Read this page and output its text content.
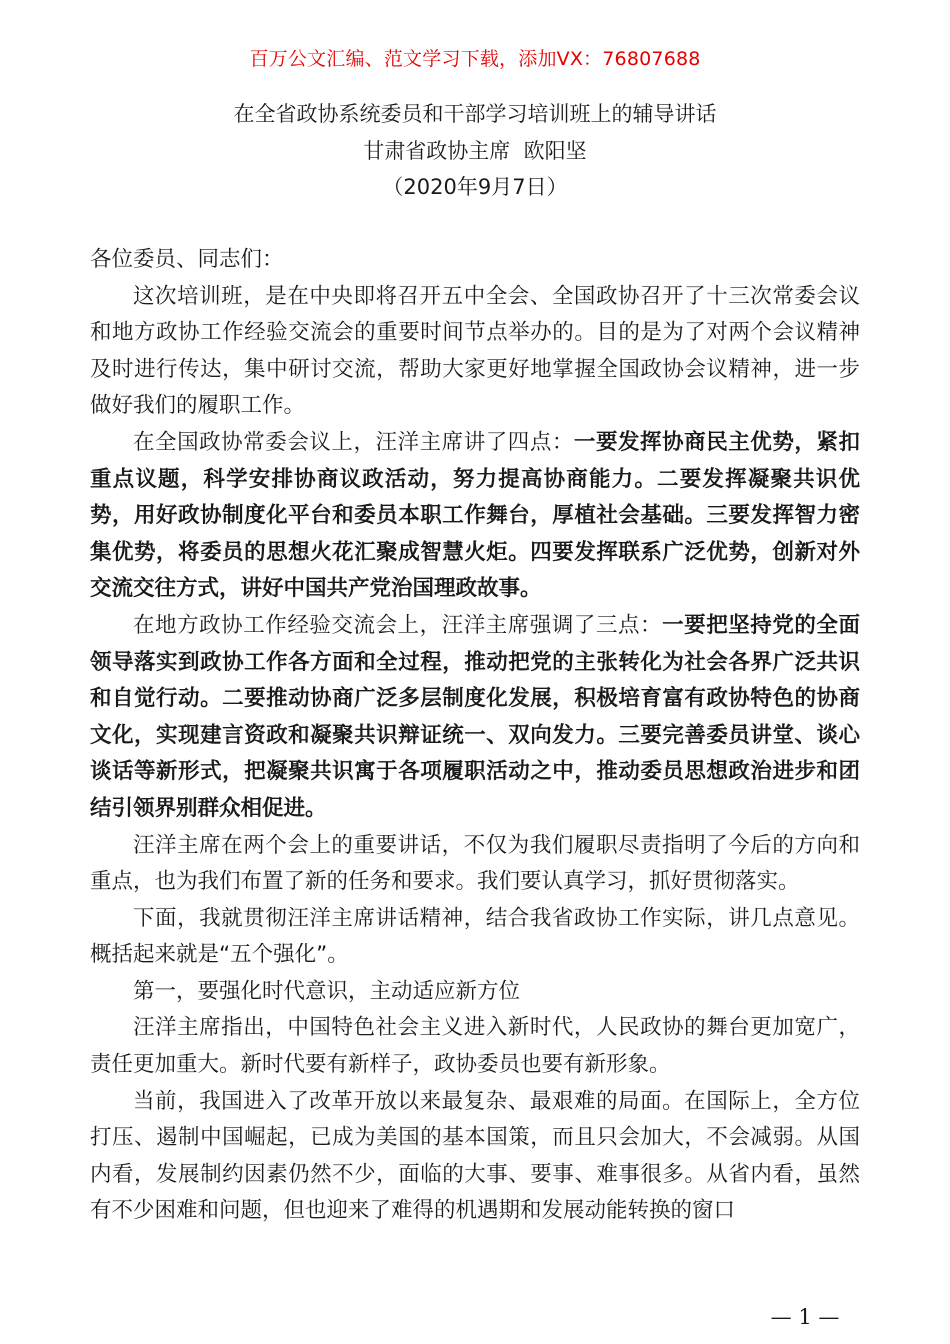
百万公文汇编、范文学习下载，添加VX：76807688
在全省政协系统委员和干部学习培训班上的辅导讲话
甘肃省政协主席  欧阳坚
（2020年9月7日）

各位委员、同志们：

这次培训班，是在中央即将召开五中全会、全国政协召开了十三次常委会议和地方政协工作经验交流会的重要时间节点举办的。目的是为了对两个会议精神及时进行传达，集中研讨交流，帮助大家更好地掌握全国政协会议精神，进一步做好我们的履职工作。

在全国政协常委会议上，汪洋主席讲了四点：一要发挥协商民主优势，紧扣重点议题，科学安排协商议政活动，努力提高协商能力。二要发挥凝聚共识优势，用好政协制度化平台和委员本职工作舞台，厚植社会基础。三要发挥智力密集优势，将委员的思想火花汇聚成智慧火炬。四要发挥联系广泛优势，创新对外交流交往方式，讲好中国共产党治国理政故事。

在地方政协工作经验交流会上，汪洋主席强调了三点：一要把坚持党的全面领导落实到政协工作各方面和全过程，推动把党的主张转化为社会各界广泛共识和自觉行动。二要推动协商广泛多层制度化发展，积极培育富有政协特色的协商文化，实现建言资政和凝聚共识辩证统一、双向发力。三要完善委员讲堂、谈心谈话等新形式，把凝聚共识寓于各项履职活动之中，推动委员思想政治进步和团结引领界别群众相促进。

汪洋主席在两个会上的重要讲话，不仅为我们履职尽责指明了今后的方向和重点，也为我们布置了新的任务和要求。我们要认真学习，抓好贯彻落实。

下面，我就贯彻汪洋主席讲话精神，结合我省政协工作实际，讲几点意见。概括起来就是“五个强化”。

第一，要强化时代意识，主动适应新方位

汪洋主席指出，中国特色社会主义进入新时代，人民政协的舞台更加宽广，责任更加重大。新时代要有新样子，政协委员也要有新形象。

当前，我国进入了改革开放以来最复杂、最艰难的局面。在国际上，全方位打压、遏制中国崛起，已成为美国的基本国策，而且只会加大，不会减弱。从国内看，发展制约因素仍然不少，面临的大事、要事、难事很多。从省内看，虽然有不少困难和问题，但也迎来了难得的机遇期和发展动能转换的窗口

— 1 —
